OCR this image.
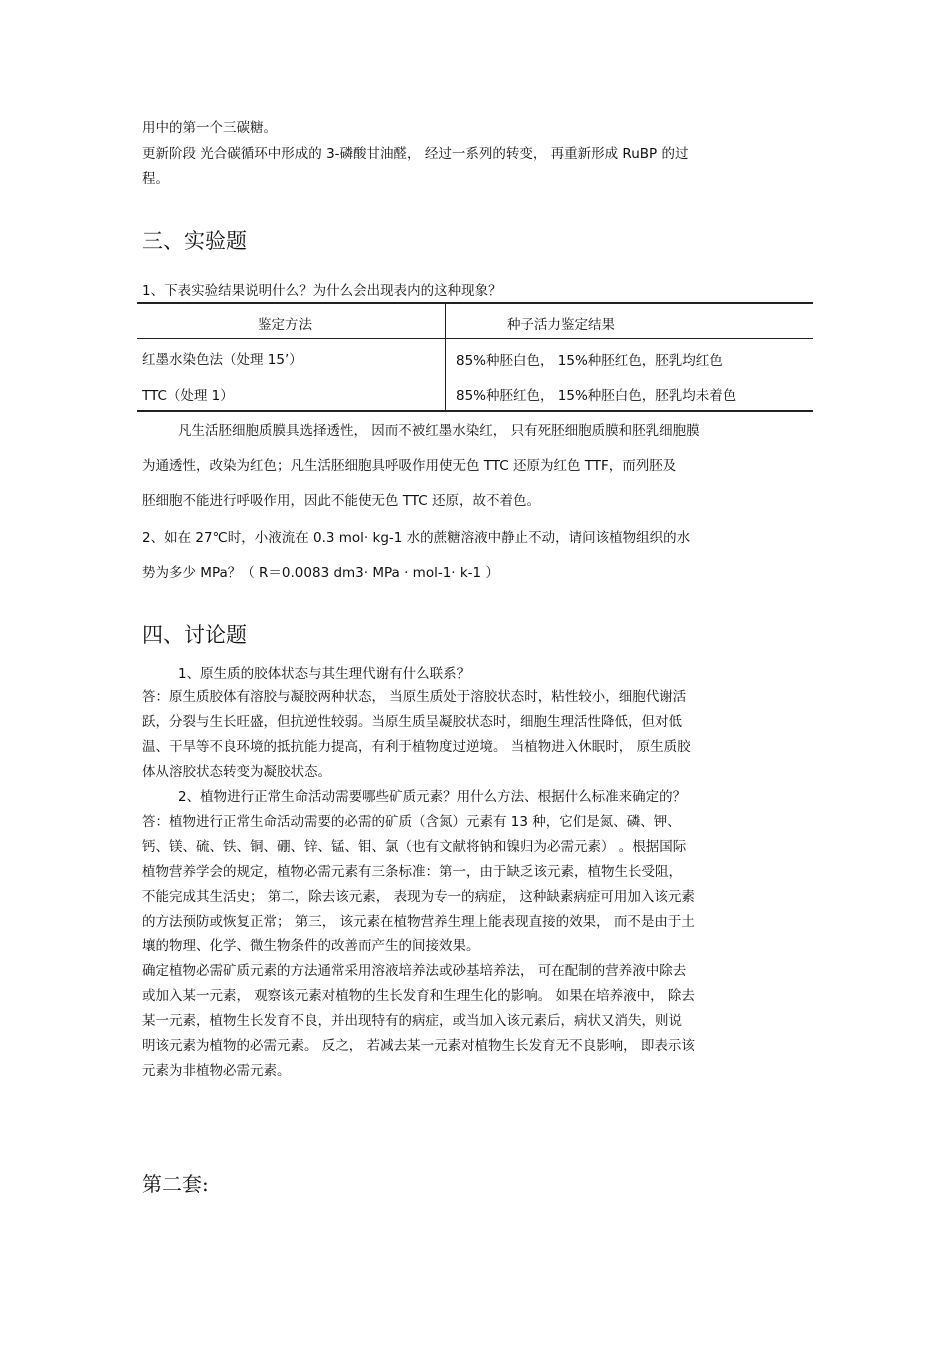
用中的第一个三碳糖。
更新阶段 光合碳循环中形成的 3-磷酸甘油醛， 经过一系列的转变， 再重新形成 RuBP 的过
程。
三、实验题
1、下表实验结果说明什么？为什么会出现表内的这种现象？
鉴定方法	种子活力鉴定结果
红墨水染色法（处理 15’）	85%种胚白色， 15%种胚红色，胚乳均红色
TTC（处理 1）	85%种胚红色， 15%种胚白色，胚乳均未着色
凡生活胚细胞质膜具选择透性， 因而不被红墨水染红， 只有死胚细胞质膜和胚乳细胞膜
为通透性，改染为红色；凡生活胚细胞具呼吸作用使无色 TTC 还原为红色 TTF，而列胚及
胚细胞不能进行呼吸作用，因此不能使无色 TTC 还原，故不着色。
2、如在 27℃时，小液流在 0.3 mol· kg-1 水的蔗糖溶液中静止不动，请问该植物组织的水
势为多少 MPa？（ R＝0.0083 dm3· MPa · mol-1· k-1 ）
四、讨论题
1、原生质的胶体状态与其生理代谢有什么联系？
答：原生质胶体有溶胶与凝胶两种状态， 当原生质处于溶胶状态时，粘性较小，细胞代谢活
跃，分裂与生长旺盛，但抗逆性较弱。当原生质呈凝胶状态时，细胞生理活性降低，但对低
温、干旱等不良环境的抵抗能力提高，有利于植物度过逆境。 当植物进入休眠时， 原生质胶
体从溶胶状态转变为凝胶状态。
2、植物进行正常生命活动需要哪些矿质元素？用什么方法、根据什么标准来确定的？
答：植物进行正常生命活动需要的必需的矿质（含氮）元素有 13 种，它们是氮、磷、钾、
钙、镁、硫、铁、铜、硼、锌、锰、钼、氯（也有文献将钠和镍归为必需元素） 。根据国际
植物营养学会的规定，植物必需元素有三条标准：第一，由于缺乏该元素，植物生长受阻，
不能完成其生活史； 第二，除去该元素， 表现为专一的病症， 这种缺素病症可用加入该元素
的方法预防或恢复正常； 第三， 该元素在植物营养生理上能表现直接的效果， 而不是由于土
壤的物理、化学、微生物条件的改善而产生的间接效果。
确定植物必需矿质元素的方法通常采用溶液培养法或砂基培养法， 可在配制的营养液中除去
或加入某一元素， 观察该元素对植物的生长发育和生理生化的影响。 如果在培养液中， 除去
某一元素，植物生长发育不良，并出现特有的病症，或当加入该元素后，病状又消失，则说
明该元素为植物的必需元素。 反之， 若减去某一元素对植物生长发育无不良影响， 即表示该
元素为非植物必需元素。
第二套:
